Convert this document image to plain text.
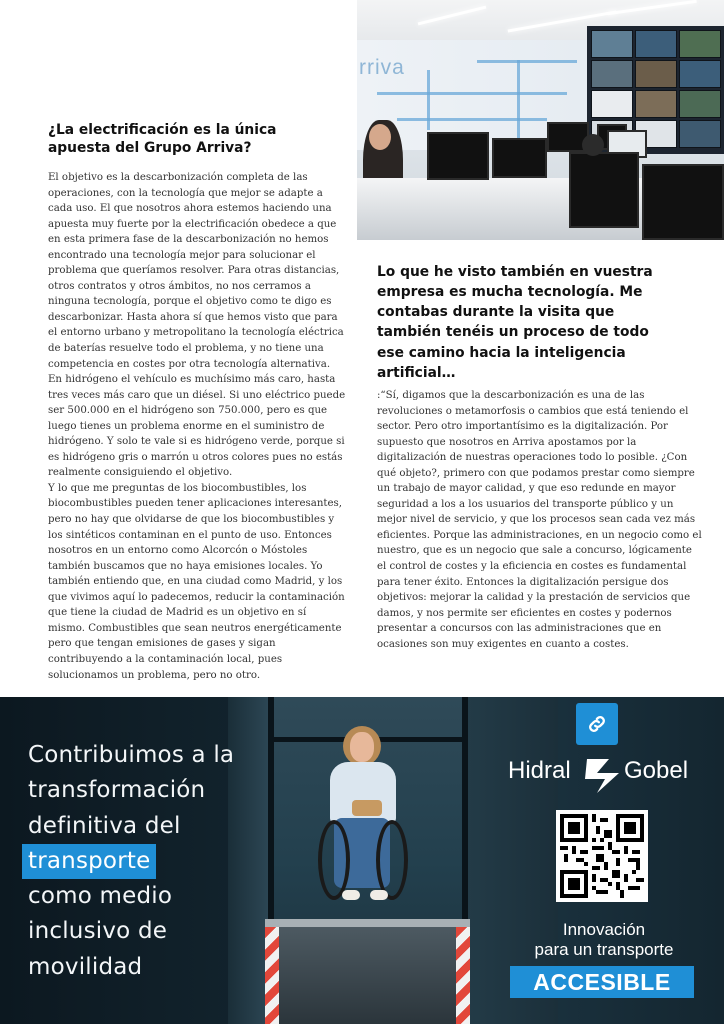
rriva
¿La electrificación es la única apuesta del Grupo Arriva?

El objetivo es la descarbonización completa de las operaciones, con la tecnología que mejor se adapte a cada uso. El que nosotros ahora estemos haciendo una apuesta muy fuerte por la electrificación obedece a que en esta primera fase de la descarbonización no hemos encontrado una tecnología mejor para solucionar el problema que queríamos resolver. Para otras distancias, otros contratos y otros ámbitos, no nos cerramos a ninguna tecnología, porque el objetivo como te digo es descarbonizar. Hasta ahora sí que hemos visto que para el entorno urbano y metropolitano la tecnología eléctrica de baterías resuelve todo el problema, y no tiene una competencia en costes por otra tecnología alternativa. En hidrógeno el vehículo es muchísimo más caro, hasta tres veces más caro que un diésel. Si uno eléctrico puede ser 500.000 en el hidrógeno son 750.000, pero es que luego tienes un problema enorme en el suministro de hidrógeno. Y solo te vale si es hidrógeno verde, porque si es hidrógeno gris o marrón u otros colores pues no estás realmente consiguiendo el objetivo.
Y lo que me preguntas de los biocombustibles, los biocombustibles pueden tener aplicaciones interesantes, pero no hay que olvidarse de que los biocombustibles y los sintéticos contaminan en el punto de uso. Entonces nosotros en un entorno como Alcorcón o Móstoles también buscamos que no haya emisiones locales. Yo también entiendo que, en una ciudad como Madrid, y los que vivimos aquí lo padecemos, reducir la contaminación que tiene la ciudad de Madrid es un objetivo en sí mismo. Combustibles que sean neutros energéticamente pero que tengan emisiones de gases y sigan contribuyendo a la contaminación local, pues solucionamos un problema, pero no otro.

Lo que he visto también en vuestra empresa es mucha tecnología. Me contabas durante la visita que también tenéis un proceso de todo ese camino hacia la inteligencia artificial…

:“Sí, digamos que la descarbonización es una de las revoluciones o metamorfosis o cambios que está teniendo el sector. Pero otro importantísimo es la digitalización. Por supuesto que nosotros en Arriva apostamos por la digitalización de nuestras operaciones todo lo posible. ¿Con qué objeto?, primero con que podamos prestar como siempre un trabajo de mayor calidad, y que eso redunde en mayor seguridad a los a los usuarios del transporte público y un mejor nivel de servicio, y que los procesos sean cada vez más eficientes. Porque las administraciones, en un negocio como el nuestro, que es un negocio que sale a concurso, lógicamente el control de costes y la eficiencia en costes es fundamental para tener éxito. Entonces la digitalización persigue dos objetivos: mejorar la calidad y la prestación de servicios que damos, y nos permite ser eficientes en costes y podernos presentar a concursos con las administraciones que en ocasiones son muy exigentes en cuanto a costes.

Contribuimos a la
transformación
definitiva del
transporte
como medio
inclusivo de
movilidad
Hidral Gobel
Innovación
para un transporte
ACCESIBLE
